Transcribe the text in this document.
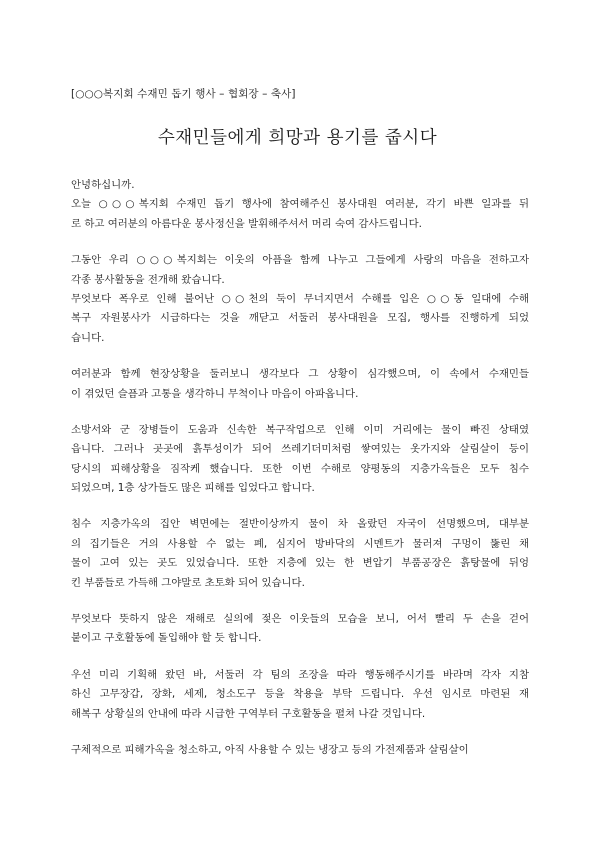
[○○○복지회 수재민 돕기 행사 – 협회장 – 축사]
수재민들에게 희망과 용기를 줍시다
안녕하십니까.
오늘 ○○○복지회 수재민 돕기 행사에 참여해주신 봉사대원 여러분, 각기 바쁜 일과를 뒤
로 하고 여러분의 아름다운 봉사정신을 발휘해주셔서 머리 숙여 감사드립니다.
그동안 우리 ○○○복지회는 이웃의 아픔을 함께 나누고 그들에게 사랑의 마음을 전하고자
각종 봉사활동을 전개해 왔습니다.
무엇보다 폭우로 인해 불어난 ○○천의 둑이 무너지면서 수해를 입은 ○○동 일대에 수해
복구 자원봉사가 시급하다는 것을 깨닫고 서둘러 봉사대원을 모집, 행사를 진행하게 되었
습니다.
여러분과 함께 현장상황을 둘러보니 생각보다 그 상황이 심각했으며, 이 속에서 수재민들
이 겪었던 슬픔과 고통을 생각하니 무척이나 마음이 아파옵니다.
소방서와 군 장병들이 도움과 신속한 복구작업으로 인해 이미 거리에는 물이 빠진 상태였
읍니다. 그러나 곳곳에 흙투성이가 되어 쓰레기더미처럼 쌓여있는 옷가지와 살림살이 등이
당시의 피해상황을 짐작케 했습니다. 또한 이번 수해로 양평동의 지층가옥들은 모두 침수
되었으며, 1층 상가들도 많은 피해를 입었다고 합니다.
침수 지층가옥의 집안 벽면에는 절반이상까지 물이 차 올랐던 자국이 선명했으며, 대부분
의 집기들은 거의 사용할 수 없는 폐, 심지어 방바닥의 시멘트가 물러져 구멍이 뚫린 채
물이 고여 있는 곳도 있었습니다. 또한 지층에 있는 한 변압기 부품공장은 흙탕물에 뒤엉
킨 부품들로 가득해 그야말로 초토화 되어 있습니다.
무엇보다 뜻하지 않은 재해로 실의에 젖은 이웃들의 모습을 보니, 어서 빨리 두 손을 걷어
붙이고 구호활동에 돌입해야 할 듯 합니다.
우선 미리 기획해 왔던 바, 서둘러 각 팀의 조장을 따라 행동해주시기를 바라며 각자 지참
하신 고무장갑, 장화, 세제, 청소도구 등을 착용을 부탁 드립니다. 우선 임시로 마련된 재
해복구 상황실의 안내에 따라 시급한 구역부터 구호활동을 펼쳐 나갈 것입니다.
구체적으로 피해가옥을 청소하고, 아직 사용할 수 있는 냉장고 등의 가전제품과 살림살이
